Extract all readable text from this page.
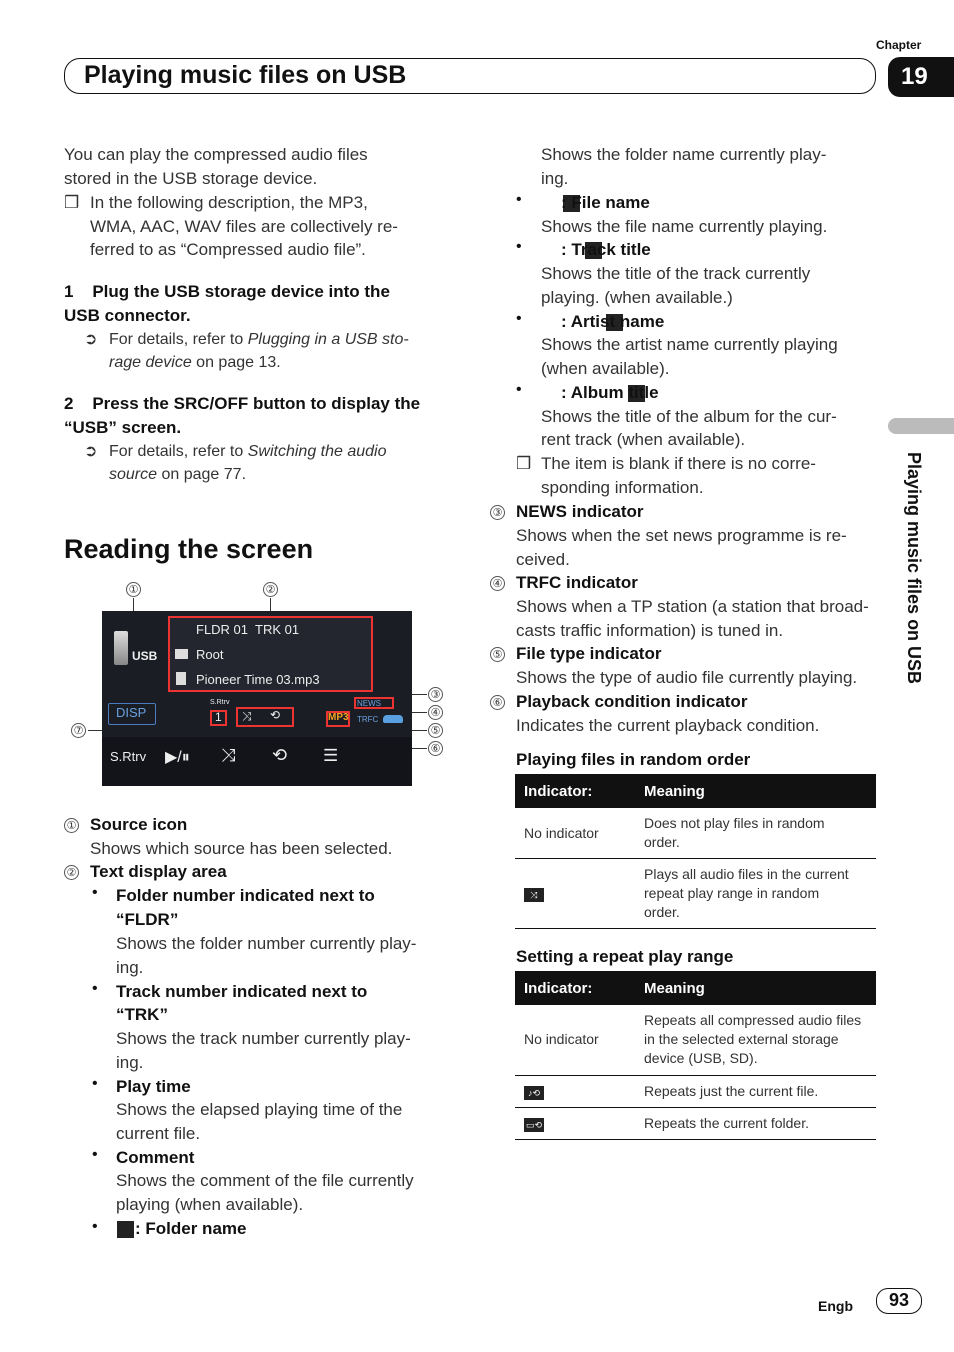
Playing music files on USB
Chapter
19
Playing music files on USB
You can play the compressed audio files
stored in the USB storage device.
❒ In the following description, the MP3,
WMA, AAC, WAV files are collectively re-
ferred to as “Compressed audio file”.
1    Plug the USB storage device into the
USB connector.
➲ For details, refer to Plugging in a USB sto-
rage device on page 13.
2    Press the SRC/OFF button to display the
“USB” screen.
➲ For details, refer to Switching the audio
source on page 77.
Reading the screen
①	②
③
④
⑤
⑥
⑦
USB
FLDR 01  TRK 01
Root
Pioneer Time 03.mp3
DISP
S.Rtrv
1 ⤨ ⟲	MP3
NEWS
TRFC
S.Rtrv ▶/⏸ ⤨ ⟲ ☰
① Source icon
Shows which source has been selected.
② Text display area
• Folder number indicated next to
“FLDR”
Shows the folder number currently play-
ing.
• Track number indicated next to
“TRK”
Shows the track number currently play-
ing.
• Play time
Shows the elapsed playing time of the
current file.
• Comment
Shows the comment of the file currently
playing (when available).
•
: Folder name
Shows the folder name currently play-
ing.
•
: File name
Shows the file name currently playing.
•
: Track title
Shows the title of the track currently
playing. (when available.)
•
: Artist name
Shows the artist name currently playing
(when available).
• : Album title
Shows the title of the album for the cur-
rent track (when available).
❒ The item is blank if there is no corre-
sponding information.
③ NEWS indicator
Shows when the set news programme is re-
ceived.
④ TRFC indicator
Shows when a TP station (a station that broad-
casts traffic information) is tuned in.
⑤ File type indicator
Shows the type of audio file currently playing.
⑥ Playback condition indicator
Indicates the current playback condition.
Playing files in random order
Indicator:	Meaning
No indicator	Does not play files in random order.
⤨	Plays all audio files in the current repeat play range in random order.
Setting a repeat play range
Indicator:	Meaning
No indicator	Repeats all compressed audio files in the selected external storage device (USB, SD).
♪⟲	Repeats just the current file.
▭⟲	Repeats the current folder.
Engb	93
